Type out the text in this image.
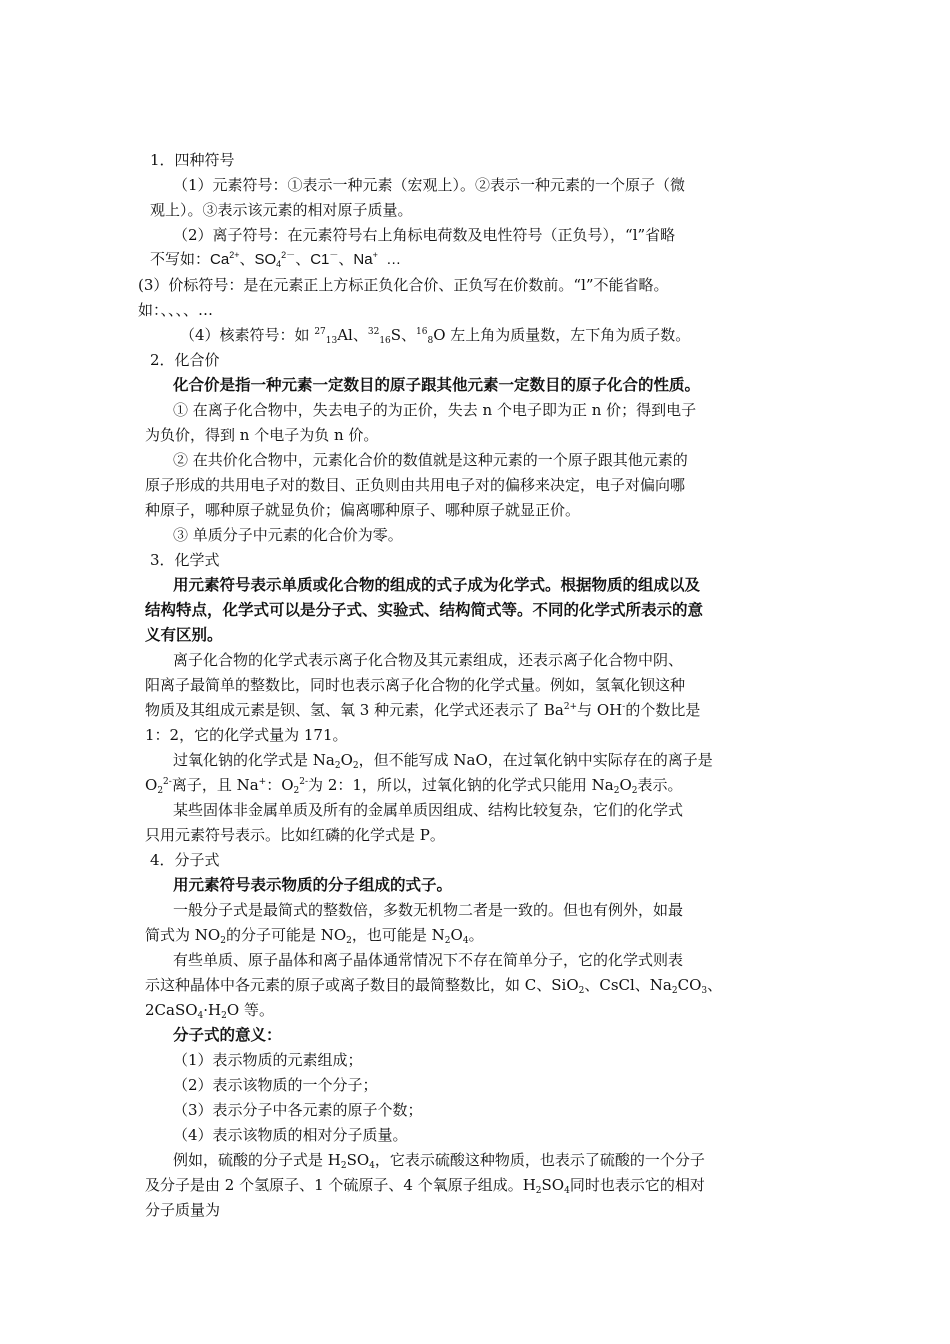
1．四种符号
（1）元素符号：①表示一种元素（宏观上）。②表示一种元素的一个原子（微
观上）。③表示该元素的相对原子质量。
（2）离子符号：在元素符号右上角标电荷数及电性符号（正负号），“l”省略
不写如：$Ca^{2+}$、$SO_4^{2-}$、C1－、Na+  …
(3）价标符号：是在元素正上方标正负化合价、正负写在价数前。“l”不能省略。
如：、、、、…
（4）核素符号：如 $^{27}_{13}$Al、$^{32}_{16}$S、$^{16}_8$O 左上角为质量数，左下角为质子数。
2．化合价
化合价是指一种元素一定数目的原子跟其他元素一定数目的原子化合的性质。
① 在离子化合物中，失去电子的为正价，失去 n 个电子即为正 n 价；得到电子
为负价，得到 n 个电子为负 n 价。
② 在共价化合物中，元素化合价的数值就是这种元素的一个原子跟其他元素的
原子形成的共用电子对的数目、正负则由共用电子对的偏移来决定，电子对偏向哪
种原子，哪种原子就显负价；偏离哪种原子、哪种原子就显正价。
③ 单质分子中元素的化合价为零。
3．化学式
用元素符号表示单质或化合物的组成的式子成为化学式。根据物质的组成以及
结构特点，化学式可以是分子式、实验式、结构简式等。不同的化学式所表示的意
义有区别。
离子化合物的化学式表示离子化合物及其元素组成，还表示离子化合物中阴、
阳离子最简单的整数比，同时也表示离子化合物的化学式量。例如，氢氧化钡这种
物质及其组成元素是钡、氢、氧 3 种元素，化学式还表示了 $Ba^{2+}$与 OH-的个数比是
1：2，它的化学式量为 171。
过氧化钠的化学式是 $Na_2O_2$，但不能写成 NaO，在过氧化钠中实际存在的离子是
$O_2^{2-}$离子，且 Na+：$O_2^{2-}$为 2：1，所以，过氧化钠的化学式只能用 $Na_2O_2$表示。
某些固体非金属单质及所有的金属单质因组成、结构比较复杂，它们的化学式
只用元素符号表示。比如红磷的化学式是 P。
4．分子式
用元素符号表示物质的分子组成的式子。
一般分子式是最简式的整数倍，多数无机物二者是一致的。但也有例外，如最
简式为 $NO_2$的分子可能是 $NO_2$，也可能是 $N_2O_4$。
有些单质、原子晶体和离子晶体通常情况下不存在简单分子，它的化学式则表
示这种晶体中各元素的原子或离子数目的最简整数比，如 C、SiO$_2$、CsCl、$Na_2CO_3$、
$2CaSO_4\cdot H_2O$ 等。
分子式的意义：
（1）表示物质的元素组成；
（2）表示该物质的一个分子；
（3）表示分子中各元素的原子个数；
（4）表示该物质的相对分子质量。
例如，硫酸的分子式是 $H_2SO_4$，它表示硫酸这种物质，也表示了硫酸的一个分子
及分子是由 2 个氢原子、1 个硫原子、4 个氧原子组成。$H_2SO_4$同时也表示它的相对
分子质量为
